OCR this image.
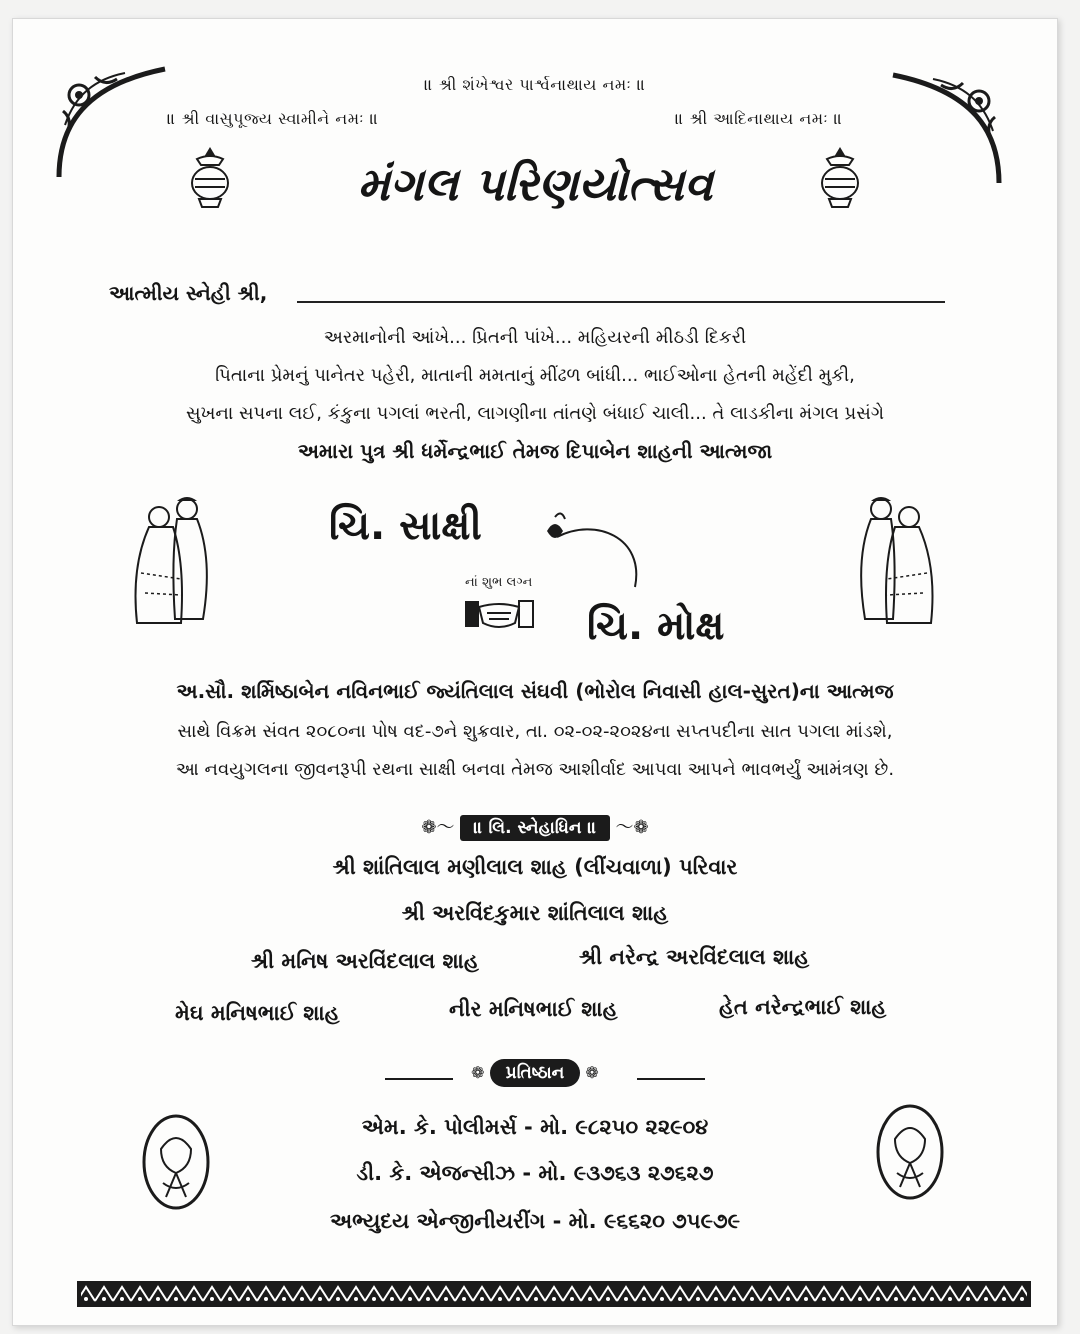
॥ શ્રી શંખેશ્વર પાર્શ્વનાથાય નમઃ ॥
॥ શ્રી વાસુપૂજ્ય સ્વામીને નમઃ ॥	॥ શ્રી આદિનાથાય નમઃ ॥
મંગલ પરિણયોત્સવ
આત્મીય સ્નેહી શ્રી,
અરમાનોની આંખે... પ્રિતની પાંખે... મહિયરની મીઠડી દિકરી
પિતાના પ્રેમનું પાનેતર પહેરી, માતાની મમતાનું મીંઢળ બાંધી... ભાઈઓના હેતની મહેંદી મુકી,
સુખના સપના લઈ, કંકુના પગલાં ભરતી, લાગણીના તાંતણે બંધાઈ ચાલી... તે લાડકીના મંગલ પ્રસંગે
અમારા પુત્ર શ્રી ધર્મેન્દ્રભાઈ તેમજ દિપાબેન શાહની આત્મજા
ચિ. સાક્ષી
નાં શુભ લગ્ન
ચિ. મોક્ષ
અ.સૌ. શર્મિષ્ઠાબેન નવિનભાઈ જ્યંતિલાલ સંઘવી (ભોરોલ નિવાસી હાલ-સુરત)ના આત્મજ
સાથે વિક્રમ સંવત ૨૦૮૦ના પોષ વદ-૭ને શુક્રવાર, તા. ૦૨-૦૨-૨૦૨૪ના સપ્તપદીના સાત પગલા માંડશે,
આ નવયુગલના જીવનરૂપી રથના સાક્ષી બનવા તેમજ આશીર્વાદ આપવા આપને ભાવભર્યું આમંત્રણ છે.
❁〜 ॥ લિ. સ્નેહાધિન ॥ 〜❁
શ્રી શાંતિલાલ મણીલાલ શાહ (લીંચવાળા) પરિવાર
શ્રી અરવિંદકુમાર શાંતિલાલ શાહ
શ્રી મનિષ અરવિંદલાલ શાહ	શ્રી નરેન્દ્ર અરવિંદલાલ શાહ
મેઘ મનિષભાઈ શાહ	નીર મનિષભાઈ શાહ	હેત નરેન્દ્રભાઈ શાહ
❁ પ્રતિષ્ઠાન ❁
એમ. કે. પોલીમર્સ - મો. ૯૮૨૫૦ ૨૨૯૦૪
ડી. કે. એજન્સીઝ - મો. ૯૩૭૬૩ ૨૭૬૨૭
અભ્યુદય એન્જીનીયરીંગ - મો. ૯૬૬૨૦ ૭૫૯૭૯
